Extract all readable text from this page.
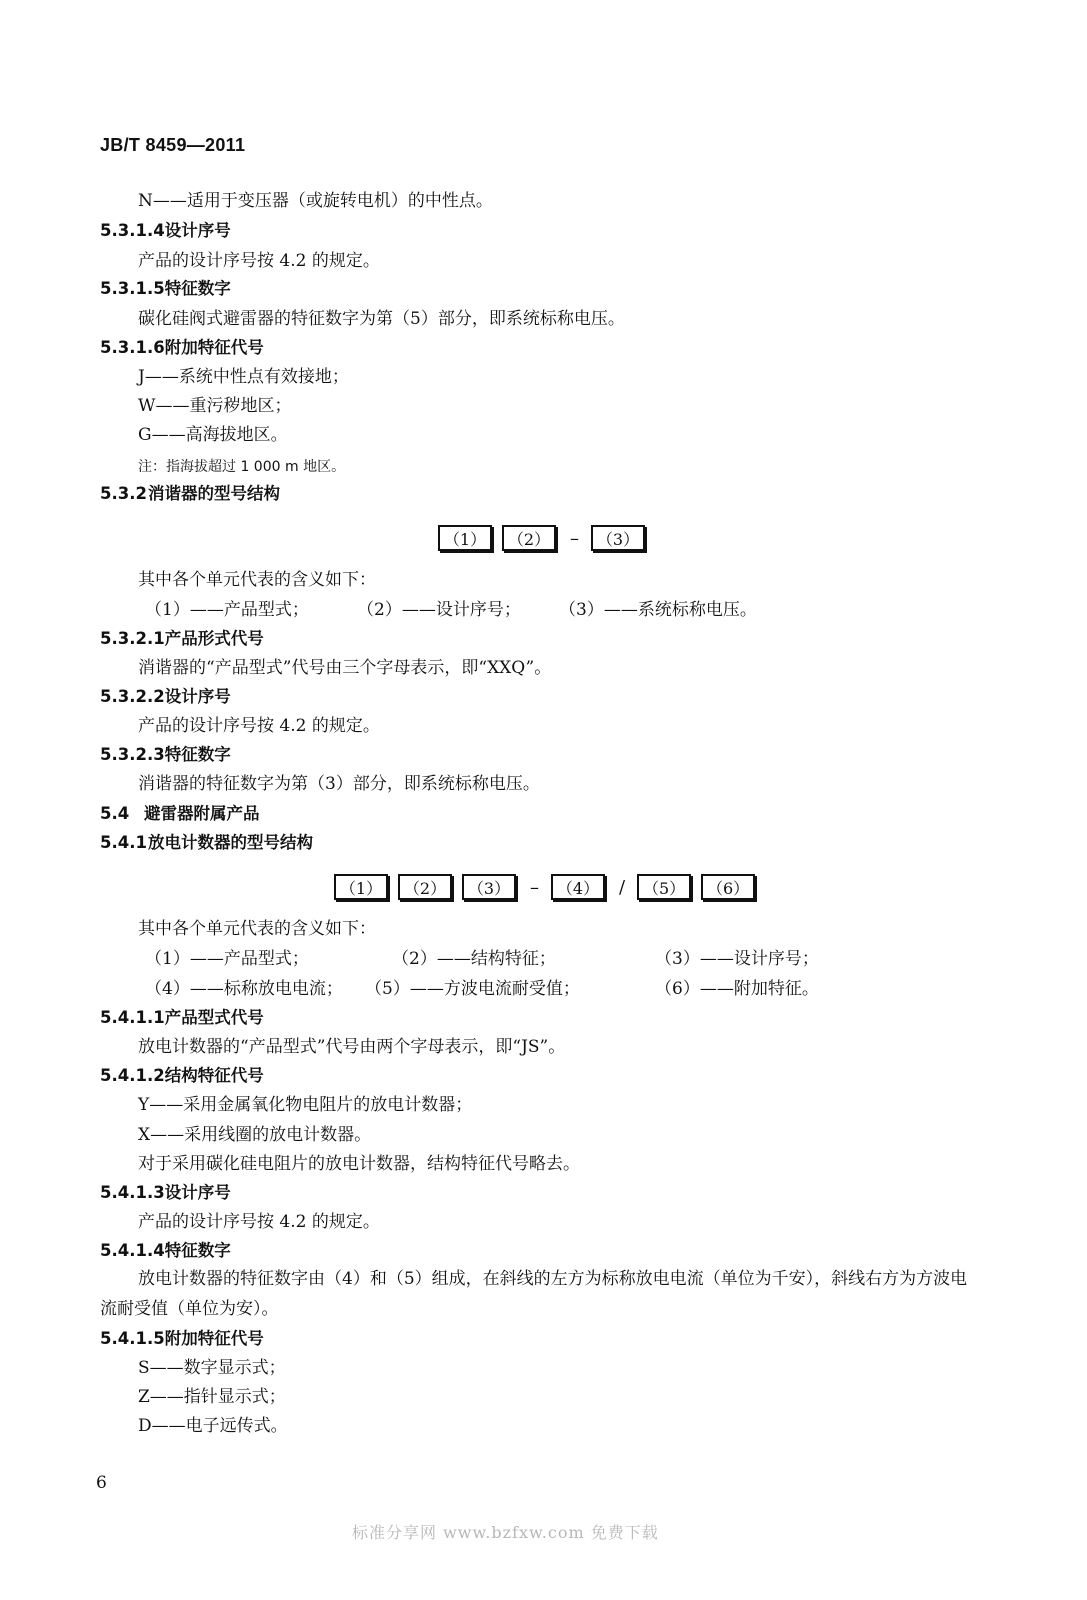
JB/T 8459—2011
N——适用于变压器（或旋转电机）的中性点。
5.3.1.4设计序号
产品的设计序号按 4.2 的规定。
5.3.1.5特征数字
碳化硅阀式避雷器的特征数字为第（5）部分，即系统标称电压。
5.3.1.6附加特征代号
J——系统中性点有效接地；
W——重污秽地区；
G——高海拔地区。
注：指海拔超过 1 000 m 地区。
5.3.2消谐器的型号结构
（1）	（2）	–	（3）
其中各个单元代表的含义如下：
（1）——产品型式；	（2）——设计序号； （3）——系统标称电压。
5.3.2.1产品形式代号
消谐器的“产品型式”代号由三个字母表示，即“XXQ”。
5.3.2.2设计序号
产品的设计序号按 4.2 的规定。
5.3.2.3特征数字
消谐器的特征数字为第（3）部分，即系统标称电压。
5.4 避雷器附属产品
5.4.1放电计数器的型号结构
（1）	（2）	（3）	–	（4）	/	（5）	（6）
其中各个单元代表的含义如下：
（1）——产品型式；	（2）——结构特征；	（3）——设计序号；
（4）——标称放电电流； （5）——方波电流耐受值；	（6）——附加特征。
5.4.1.1产品型式代号
放电计数器的“产品型式”代号由两个字母表示，即“JS”。
5.4.1.2结构特征代号
Y——采用金属氧化物电阻片的放电计数器；
X——采用线圈的放电计数器。
对于采用碳化硅电阻片的放电计数器，结构特征代号略去。
5.4.1.3设计序号
产品的设计序号按 4.2 的规定。
5.4.1.4特征数字
放电计数器的特征数字由（4）和（5）组成，在斜线的左方为标称放电电流（单位为千安），斜线右方为方波电流耐受值（单位为安）。
5.4.1.5附加特征代号
S——数字显示式；
Z——指针显示式；
D——电子远传式。
6
标准分享网 www.bzfxw.com 免费下载
